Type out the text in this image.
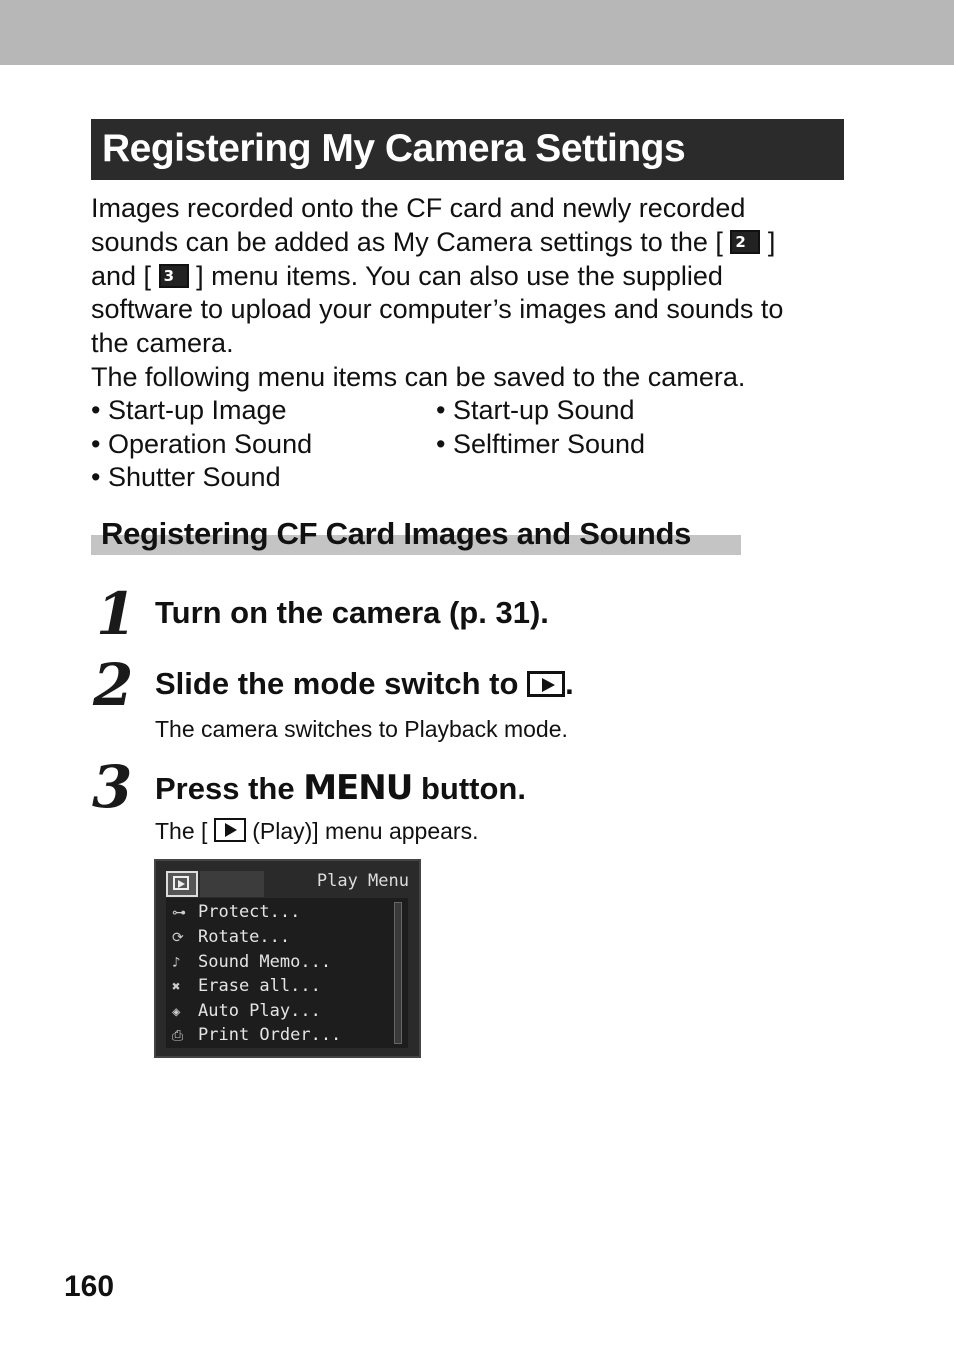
Registering My Camera Settings

Images recorded onto the CF card and newly recorded

sounds can be added as My Camera settings to the [ 2 ]

and [ 3 ] menu items. You can also use the supplied

software to upload your computer’s images and sounds to

the camera.

The following menu items can be saved to the camera.

• Start-up Image
• Operation Sound
• Shutter Sound
• Start-up Sound
• Selftimer Sound
Registering CF Card Images and Sounds
1 Turn on the camera (p. 31).
2 Slide the mode switch to .
The camera switches to Playback mode.
3 Press the MENU button.
The [ (Play)] menu appears.
Play Menu
⊶ Protect...
⟳ Rotate...
♪ Sound Memo...
✖ Erase all...
◈ Auto Play...
⎙ Print Order...
160
